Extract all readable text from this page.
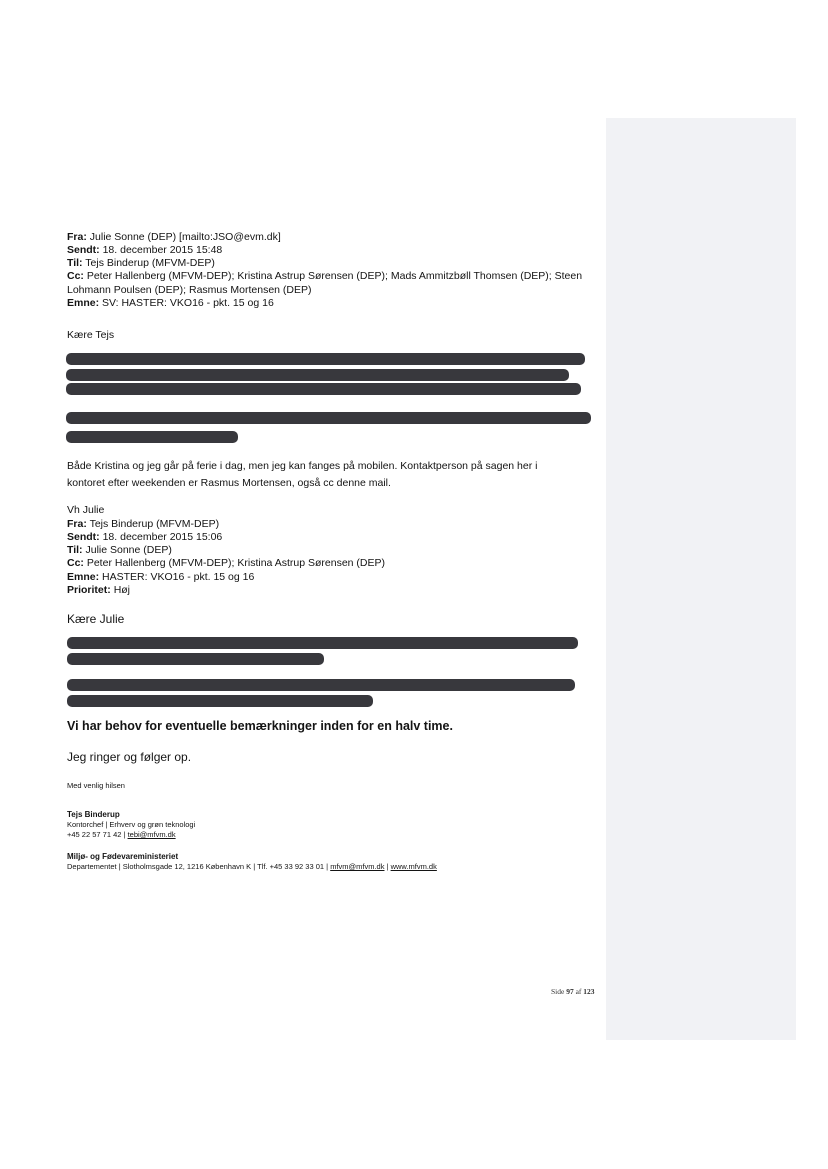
Fra: Julie Sonne (DEP) [mailto:JSO@evm.dk]
Sendt: 18. december 2015 15:48
Til: Tejs Binderup (MFVM-DEP)
Cc: Peter Hallenberg (MFVM-DEP); Kristina Astrup Sørensen (DEP); Mads Ammitzbøll Thomsen (DEP); Steen
Lohmann Poulsen (DEP); Rasmus Mortensen (DEP)
Emne: SV: HASTER: VKO16 - pkt. 15 og 16
Kære Tejs
Både Kristina og jeg går på ferie i dag, men jeg kan fanges på mobilen. Kontaktperson på sagen her i
kontoret efter weekenden er Rasmus Mortensen, også cc denne mail.
Vh Julie
Fra: Tejs Binderup (MFVM-DEP)
Sendt: 18. december 2015 15:06
Til: Julie Sonne (DEP)
Cc: Peter Hallenberg (MFVM-DEP); Kristina Astrup Sørensen (DEP)
Emne: HASTER: VKO16 - pkt. 15 og 16
Prioritet: Høj
Kære Julie
Vi har behov for eventuelle bemærkninger inden for en halv time.
Jeg ringer og følger op.
Med venlig hilsen
Tejs Binderup
Kontorchef | Erhverv og grøn teknologi
+45 22 57 71 42 | tebi@mfvm.dk
Miljø- og Fødevareministeriet
Departementet | Slotholmsgade 12, 1216 København K | Tlf. +45 33 92 33 01 | mfvm@mfvm.dk | www.mfvm.dk
Side 97 af 123
